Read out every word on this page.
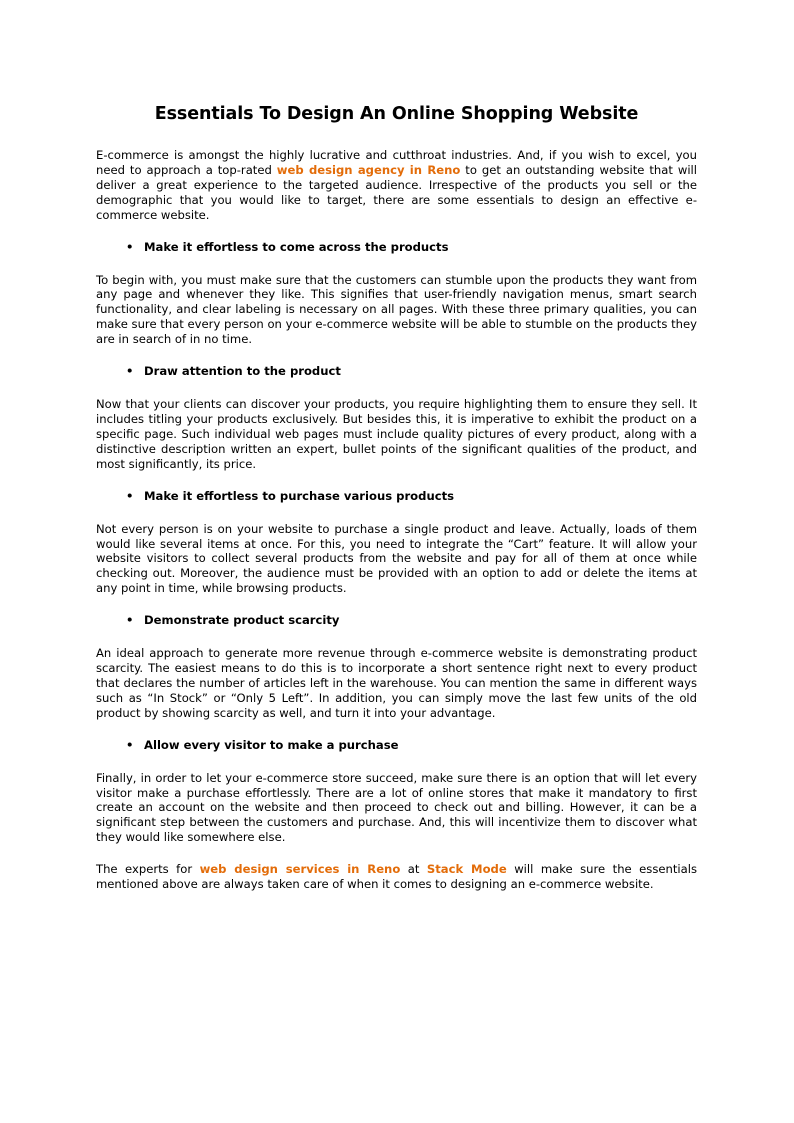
Essentials To Design An Online Shopping Website

E-commerce is amongst the highly lucrative and cutthroat industries. And, if you wish to excel, you need to approach a top-rated web design agency in Reno to get an outstanding website that will deliver a great experience to the targeted audience. Irrespective of the products you sell or the demographic that you would like to target, there are some essentials to design an effective e-commerce website.

• Make it effortless to come across the products

To begin with, you must make sure that the customers can stumble upon the products they want from any page and whenever they like. This signifies that user-friendly navigation menus, smart search functionality, and clear labeling is necessary on all pages. With these three primary qualities, you can make sure that every person on your e-commerce website will be able to stumble on the products they are in search of in no time.

• Draw attention to the product

Now that your clients can discover your products, you require highlighting them to ensure they sell. It includes titling your products exclusively. But besides this, it is imperative to exhibit the product on a specific page. Such individual web pages must include quality pictures of every product, along with a distinctive description written an expert, bullet points of the significant qualities of the product, and most significantly, its price.

• Make it effortless to purchase various products

Not every person is on your website to purchase a single product and leave. Actually, loads of them would like several items at once. For this, you need to integrate the “Cart” feature. It will allow your website visitors to collect several products from the website and pay for all of them at once while checking out. Moreover, the audience must be provided with an option to add or delete the items at any point in time, while browsing products.

• Demonstrate product scarcity

An ideal approach to generate more revenue through e-commerce website is demonstrating product scarcity. The easiest means to do this is to incorporate a short sentence right next to every product that declares the number of articles left in the warehouse. You can mention the same in different ways such as “In Stock” or “Only 5 Left”. In addition, you can simply move the last few units of the old product by showing scarcity as well, and turn it into your advantage.

• Allow every visitor to make a purchase

Finally, in order to let your e-commerce store succeed, make sure there is an option that will let every visitor make a purchase effortlessly. There are a lot of online stores that make it mandatory to first create an account on the website and then proceed to check out and billing. However, it can be a significant step between the customers and purchase. And, this will incentivize them to discover what they would like somewhere else.

The experts for web design services in Reno at Stack Mode will make sure the essentials mentioned above are always taken care of when it comes to designing an e-commerce website.
